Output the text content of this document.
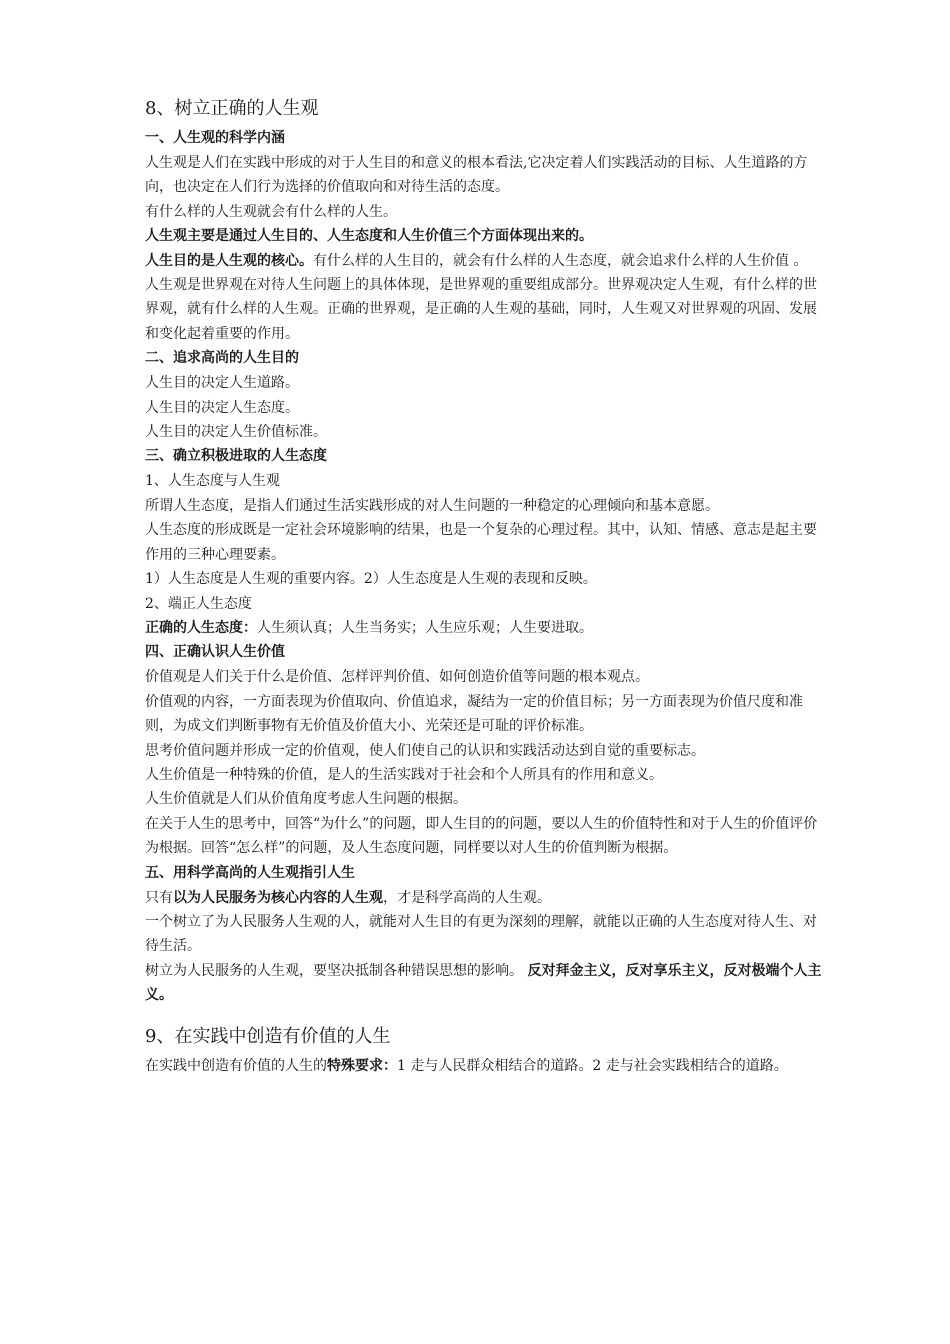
8、树立正确的人生观

一、人生观的科学内涵

人生观是人们在实践中形成的对于人生目的和意义的根本看法,它决定着人们实践活动的目标、人生道路的方向，也决定在人们行为选择的价值取向和对待生活的态度。

有什么样的人生观就会有什么样的人生。

人生观主要是通过人生目的、人生态度和人生价值三个方面体现出来的。

人生目的是人生观的核心。有什么样的人生目的，就会有什么样的人生态度，就会追求什么样的人生价值 。

人生观是世界观在对待人生问题上的具体体现，是世界观的重要组成部分。世界观决定人生观，有什么样的世界观，就有什么样的人生观。正确的世界观，是正确的人生观的基础，同时，人生观又对世界观的巩固、发展和变化起着重要的作用。

二、追求高尚的人生目的

人生目的决定人生道路。

人生目的决定人生态度。

人生目的决定人生价值标准。

三、确立积极进取的人生态度

1、人生态度与人生观

所谓人生态度，是指人们通过生活实践形成的对人生问题的一种稳定的心理倾向和基本意愿。

人生态度的形成既是一定社会环境影响的结果，也是一个复杂的心理过程。其中，认知、情感、意志是起主要作用的三种心理要素。

1）人生态度是人生观的重要内容。2）人生态度是人生观的表现和反映。

2、端正人生态度

正确的人生态度：人生须认真；人生当务实；人生应乐观；人生要进取。

四、正确认识人生价值

价值观是人们关于什么是价值、怎样评判价值、如何创造价值等问题的根本观点。

价值观的内容，一方面表现为价值取向、价值追求，凝结为一定的价值目标；另一方面表现为价值尺度和准则，为成文们判断事物有无价值及价值大小、光荣还是可耻的评价标准。

思考价值问题并形成一定的价值观，使人们使自己的认识和实践活动达到自觉的重要标志。

人生价值是一种特殊的价值，是人的生活实践对于社会和个人所具有的作用和意义。

人生价值就是人们从价值角度考虑人生问题的根据。

在关于人生的思考中，回答“为什么”的问题，即人生目的的问题，要以人生的价值特性和对于人生的价值评价为根据。回答“怎么样”的问题，及人生态度问题，同样要以对人生的价值判断为根据。

五、用科学高尚的人生观指引人生

只有以为人民服务为核心内容的人生观，才是科学高尚的人生观。

一个树立了为人民服务人生观的人，就能对人生目的有更为深刻的理解，就能以正确的人生态度对待人生、对待生活。

树立为人民服务的人生观，要坚决抵制各种错误思想的影响。 反对拜金主义，反对享乐主义，反对极端个人主义。

9、在实践中创造有价值的人生

在实践中创造有价值的人生的特殊要求：1 走与人民群众相结合的道路。2 走与社会实践相结合的道路。
